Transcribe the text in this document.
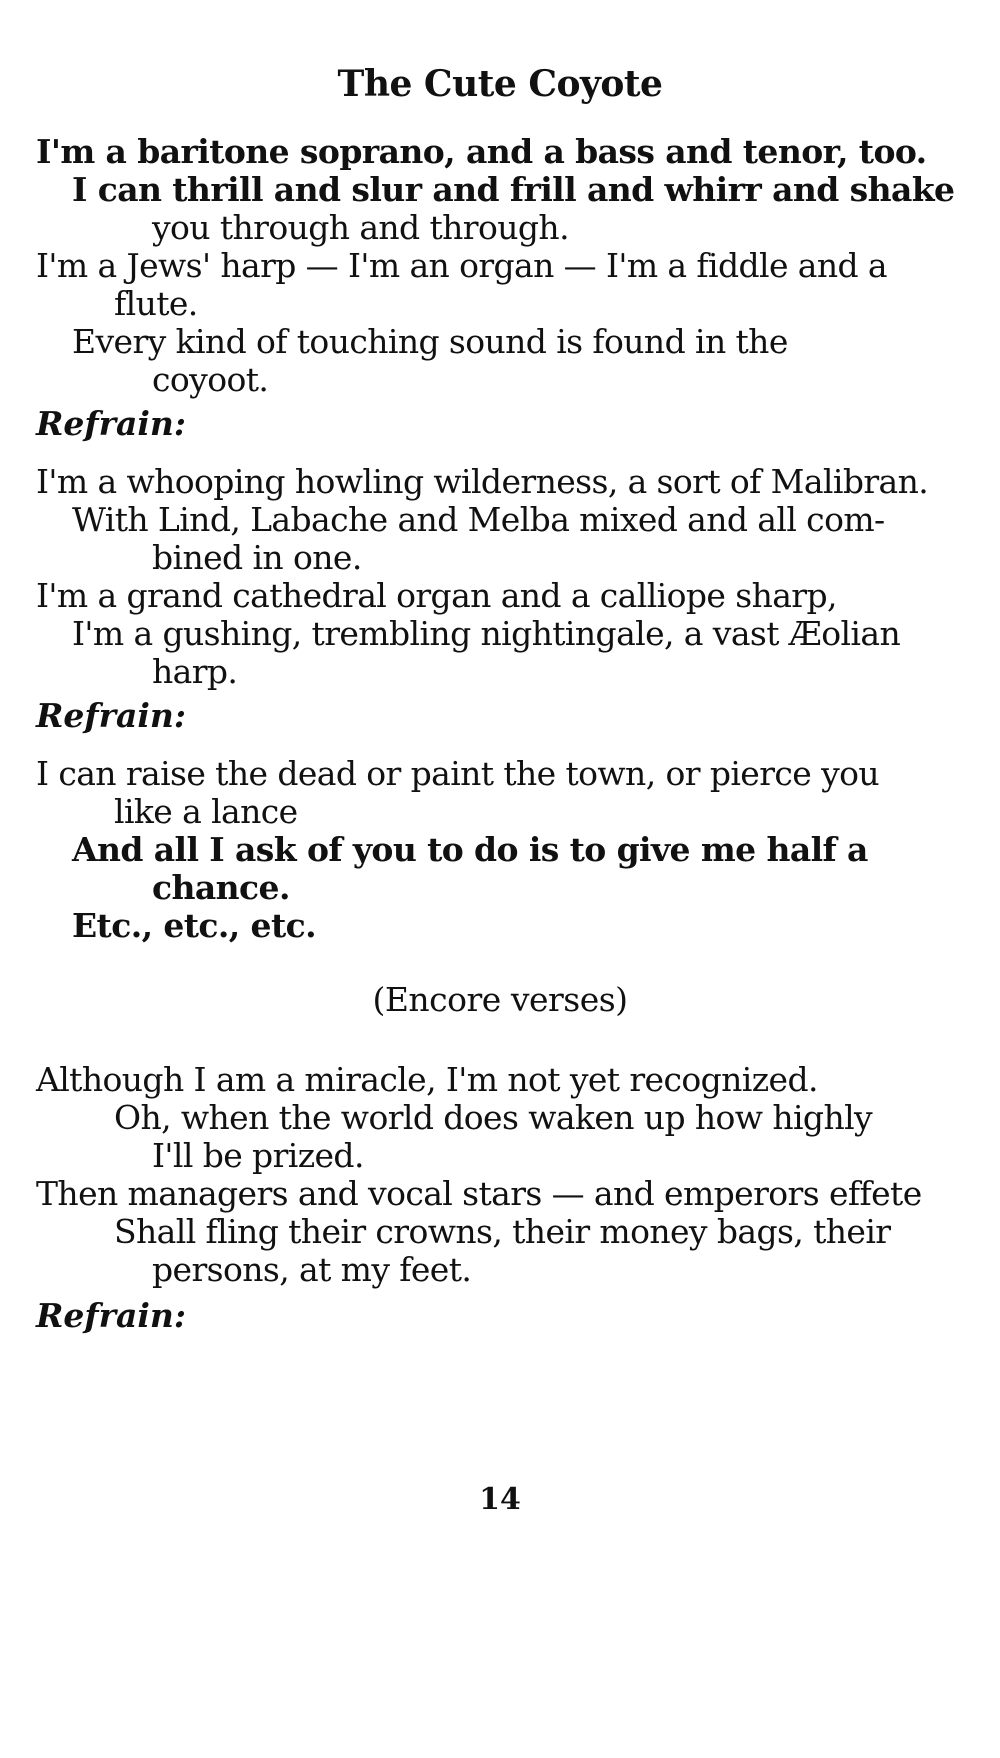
The Cute Coyote
I'm a baritone soprano, and a bass and tenor, too.
I can thrill and slur and frill and whirr and shake
you through and through.
I'm a Jews' harp — I'm an organ — I'm a fiddle and a
flute.
Every kind of touching sound is found in the
coyoot.
Refrain:
I'm a whooping howling wilderness, a sort of Malibran.
With Lind, Labache and Melba mixed and all com-
bined in one.
I'm a grand cathedral organ and a calliope sharp,
I'm a gushing, trembling nightingale, a vast Æolian
harp.
Refrain:
I can raise the dead or paint the town, or pierce you
like a lance
And all I ask of you to do is to give me half a
chance.
Etc., etc., etc.
(Encore verses)
Although I am a miracle, I'm not yet recognized.
Oh, when the world does waken up how highly
I'll be prized.
Then managers and vocal stars — and emperors effete
Shall fling their crowns, their money bags, their
persons, at my feet.
Refrain:
14
